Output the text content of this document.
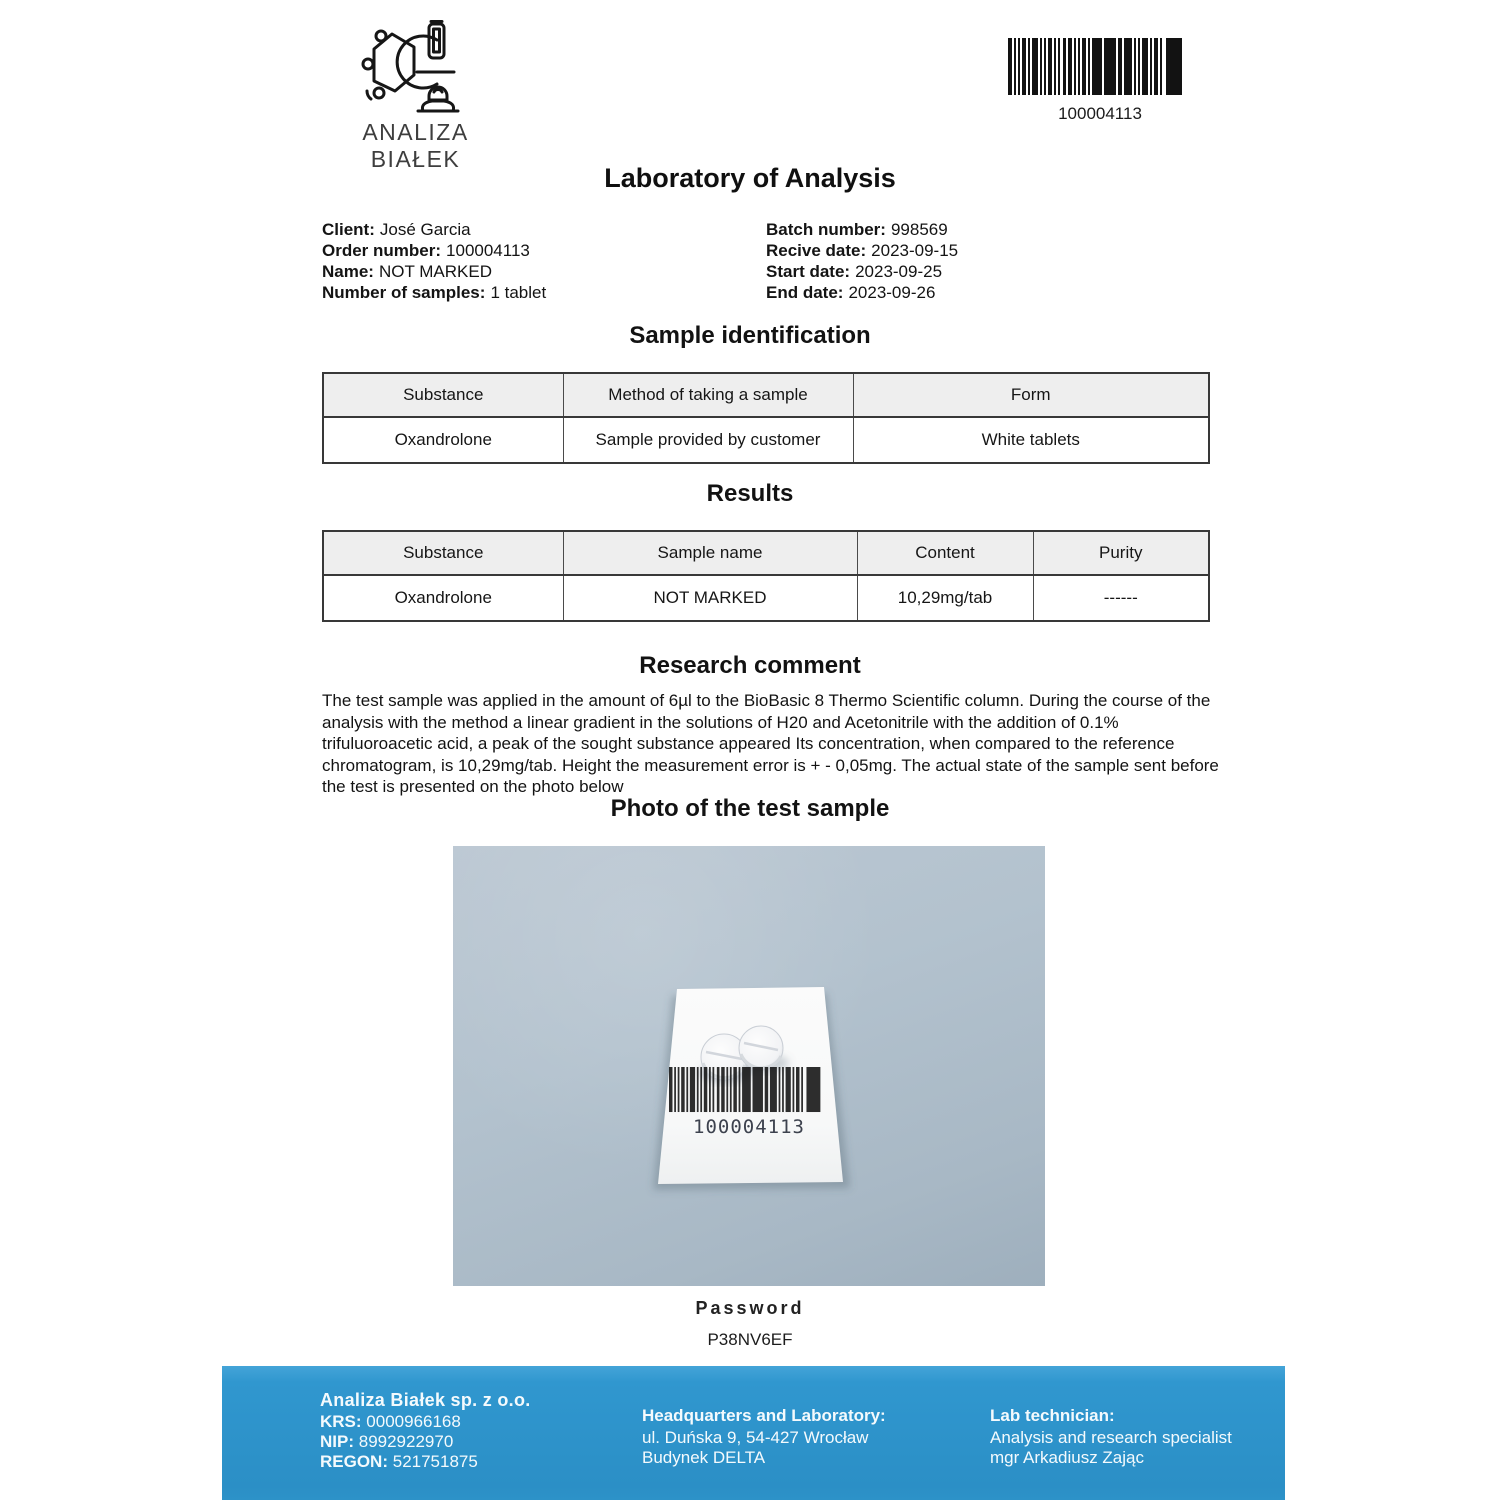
ANALIZA BIAŁEK
100004113
Laboratory of Analysis
Client: José Garcia
Order number: 100004113
Name: NOT MARKED
Number of samples: 1 tablet
Batch number: 998569
Recive date: 2023-09-15
Start date: 2023-09-25
End date: 2023-09-26
Sample identification
Substance	Method of taking a sample	Form
Oxandrolone	Sample provided by customer	White tablets
Results
Substance	Sample name	Content	Purity
Oxandrolone	NOT MARKED	10,29mg/tab	------
Research comment
The test sample was applied in the amount of 6µl to the BioBasic 8 Thermo Scientific column. During the course of the analysis with the method a linear gradient in the solutions of H20 and Acetonitrile with the addition of 0.1% trifuluoroacetic acid, a peak of the sought substance appeared Its concentration, when compared to the reference chromatogram, is 10,29mg/tab. Height the measurement error is + - 0,05mg. The actual state of the sample sent before the test is presented on the photo below
Photo of the test sample
100004113
Password
P38NV6EF
Analiza Białek sp. z o.o.
KRS: 0000966168
NIP: 8992922970
REGON: 521751875
Headquarters and Laboratory:
ul. Duńska 9, 54-427 Wrocław
Budynek DELTA
Lab technician:
Analysis and research specialist
mgr Arkadiusz Zając
